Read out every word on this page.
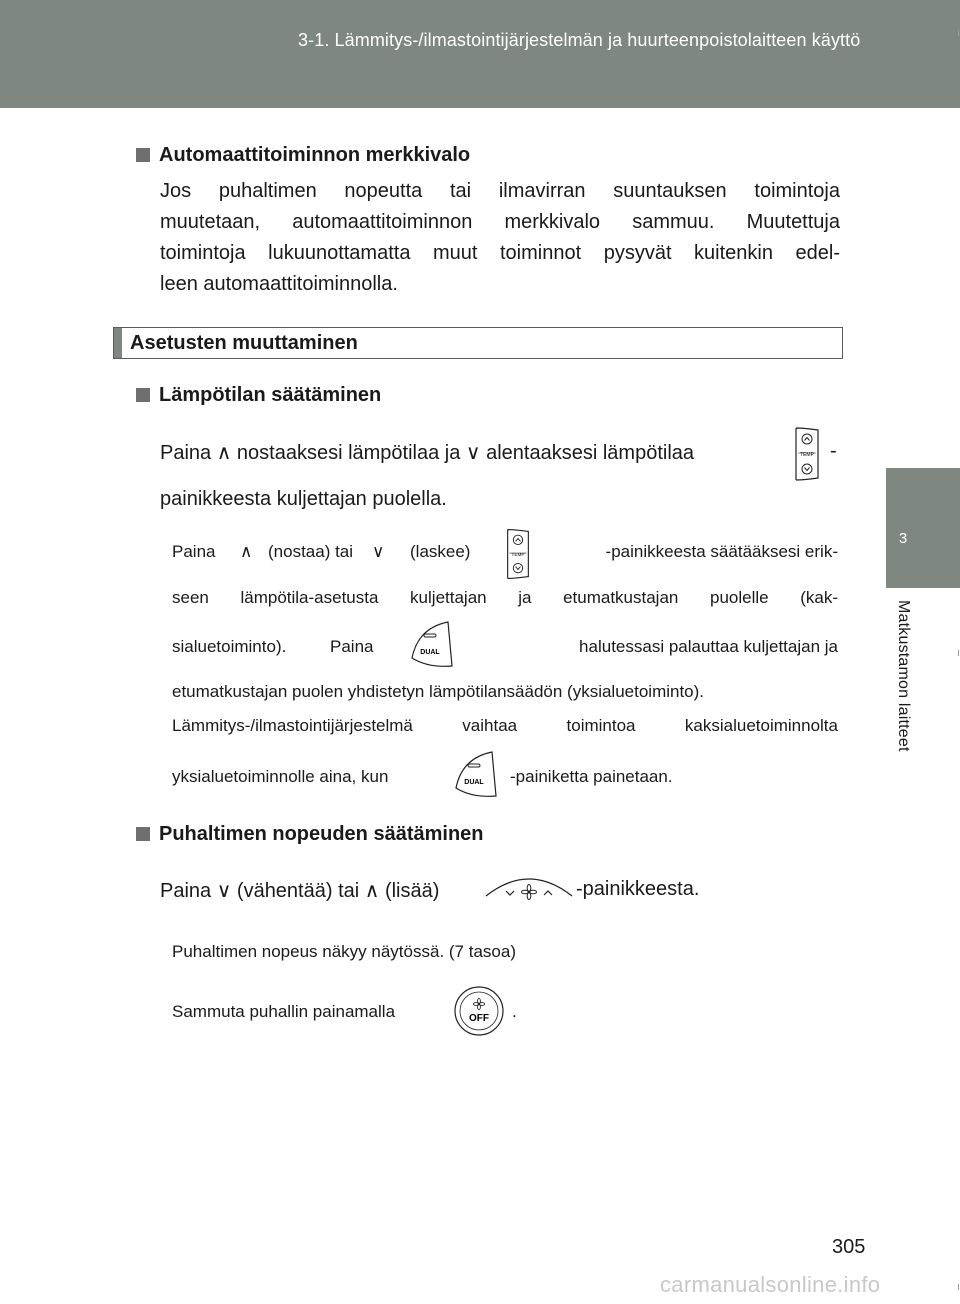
3-1. Lämmitys-/ilmastointijärjestelmän ja huurteenpoistolaitteen käyttö
3
Matkustamon laitteet
Automaattitoiminnon merkkivalo
Jos puhaltimen nopeutta tai ilmavirran suuntauksen toimintoja
muutetaan, automaattitoiminnon merkkivalo sammuu. Muutettuja
toimintoja lukuunottamatta muut toiminnot pysyvät kuitenkin edel-
leen automaattitoiminnolla.
Asetusten muuttaminen
Lämpötilan säätäminen
Paina ∧ nostaaksesi lämpötilaa ja ∨ alentaaksesi lämpötilaa	TEMP -
painikkeesta kuljettajan puolella.
Paina ∧ (nostaa) tai ∨ (laskee)	TEMP	-painikkeesta säätääksesi erik-
seen lämpötila-asetusta kuljettajan ja etumatkustajan puolelle (kak-
sialuetoiminto).	Paina	DUAL	halutessasi palauttaa kuljettajan ja
etumatkustajan puolen yhdistetyn lämpötilansäädön (yksialuetoiminto).
Lämmitys-/ilmastointijärjestelmä vaihtaa toimintoa kaksialuetoiminnolta
yksialuetoiminnolle aina, kun	DUAL -painiketta painetaan.
Puhaltimen nopeuden säätäminen
Paina ∨ (vähentää) tai ∧ (lisää)	-painikkeesta.
Puhaltimen nopeus näkyy näytössä. (7 tasoa)
Sammuta puhallin painamalla	OFF .
305
carmanualsonline.info
